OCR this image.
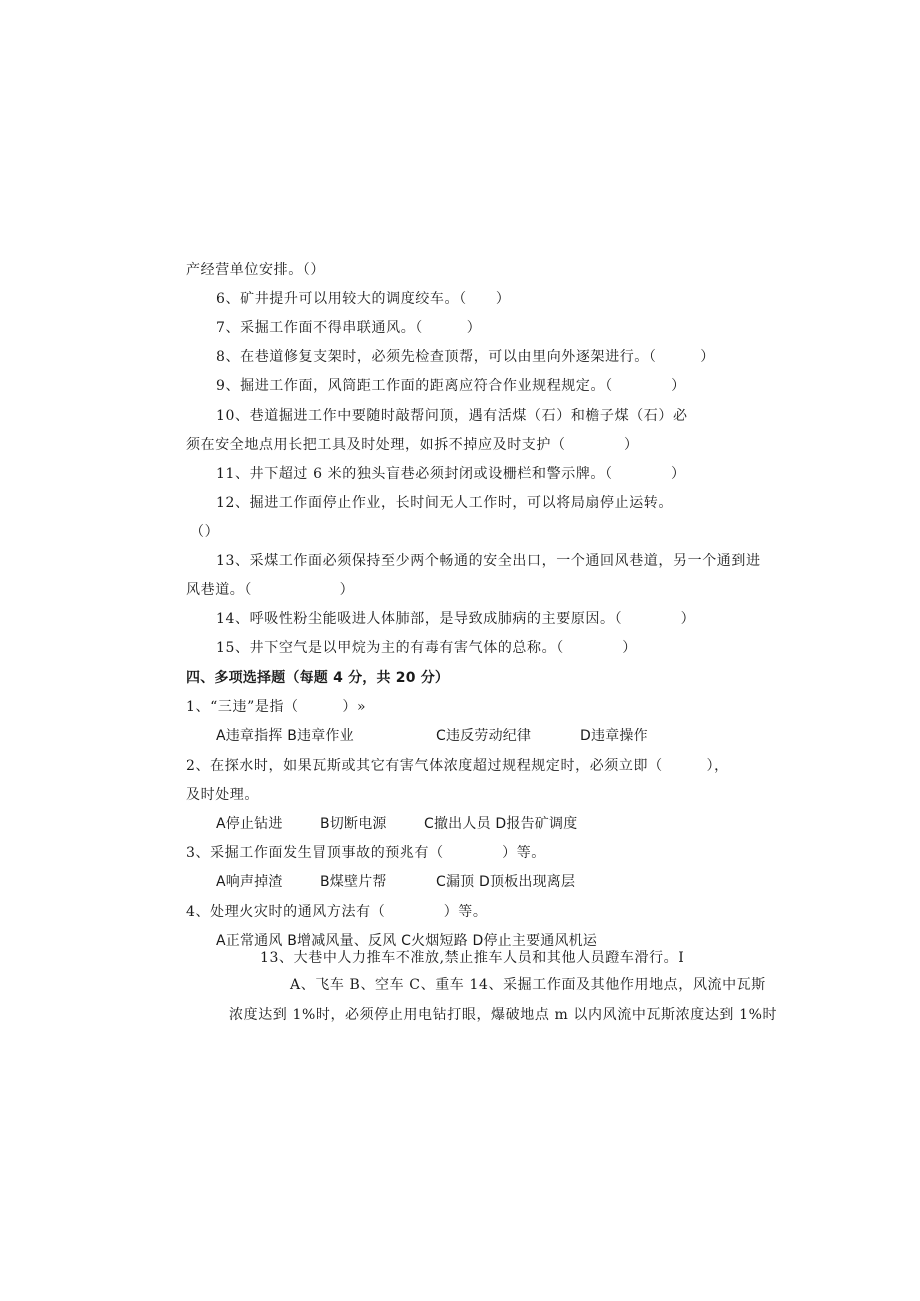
产经营单位安排。（）
6、矿井提升可以用较大的调度绞车。（　　）
7、采掘工作面不得串联通风。（　　　）
8、在巷道修复支架时，必须先检查顶帮，可以由里向外逐架进行。（　　　）
9、掘进工作面，风筒距工作面的距离应符合作业规程规定。（　　　　）
10、巷道掘进工作中要随时敲帮问顶，遇有活煤（石）和檐子煤（石）必
须在安全地点用长把工具及时处理，如拆不掉应及时支护（　　　　）
11、井下超过 6 米的独头盲巷必须封闭或设栅栏和警示牌。（　　　　）
12、掘进工作面停止作业，长时间无人工作时，可以将局扇停止运转。
（）
13、采煤工作面必须保持至少两个畅通的安全出口，一个通回风巷道，另一个通到进
风巷道。（　　　　　　）
14、呼吸性粉尘能吸进人体肺部，是导致成肺病的主要原因。（　　　　）
15、井下空气是以甲烷为主的有毒有害气体的总称。（　　　　）
四、多项选择题（每题 4 分，共 20 分）
1、“三违”是指（　　　）»
A违章指挥 B违章作业	C违反劳动纪律	D违章操作
2、在探水时，如果瓦斯或其它有害气体浓度超过规程规定时，必须立即（　　　），
及时处理。
A停止钻进	B切断电源	C撤出人员 D报告矿调度
3、采掘工作面发生冒顶事故的预兆有（　　　　）等。
A响声掉渣	B煤壁片帮	C漏顶 D顶板出现离层
4、处理火灾时的通风方法有（　　　　）等。
A正常通风 B增减风量、反风 C火烟短路 D停止主要通风机运
13、大巷中人力推车不准放,禁止推车人员和其他人员蹬车滑行。I
A、飞车 B、空车 C、重车 14、采掘工作面及其他作用地点，风流中瓦斯
浓度达到 1%时，必须停止用电钻打眼，爆破地点 m 以内风流中瓦斯浓度达到 1%时
